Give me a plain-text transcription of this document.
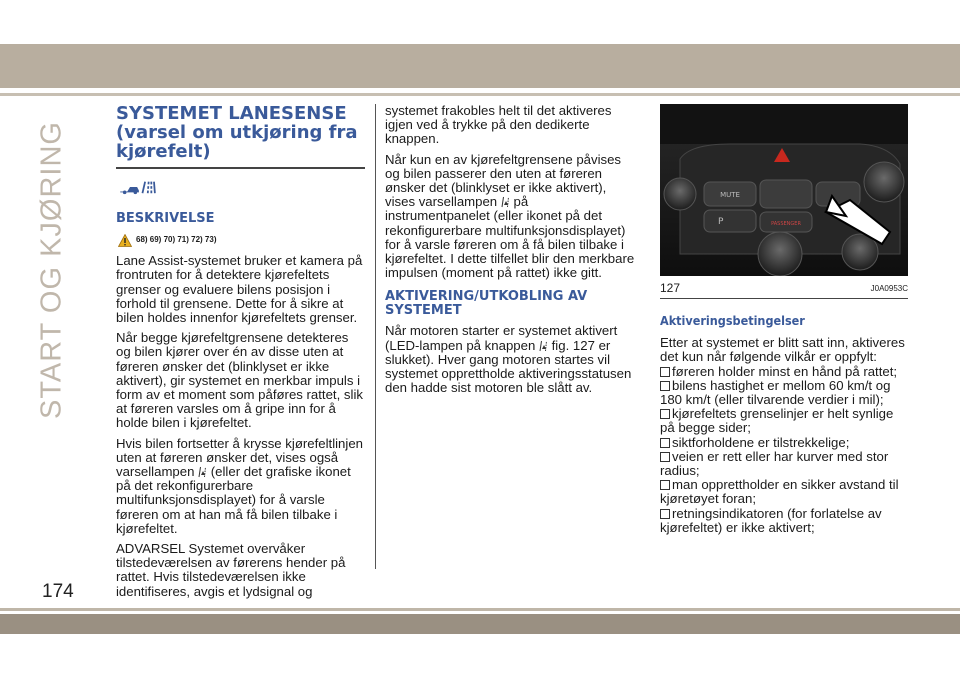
START OG KJØRING
SYSTEMET LANESENSE
(varsel om utkjøring fra
kjørefelt)
BESKRIVELSE
68) 69) 70) 71) 72) 73)

Lane Assist-systemet bruker et kamera på frontruten for å detektere kjørefeltets grenser og evaluere bilens posisjon i forhold til grensene. Dette for å sikre at bilen holdes innenfor kjørefeltets grenser.

Når begge kjørefeltgrensene detekteres og bilen kjører over én av disse uten at føreren ønsker det (blinklyset er ikke aktivert), gir systemet en merkbar impuls i form av et moment som påføres rattet, slik at føreren varsles om å gripe inn for å holde bilen i kjørefeltet.

Hvis bilen fortsetter å krysse kjørefeltlinjen uten at føreren ønsker det, vises også varsellampen (eller det grafiske ikonet på det rekonfigurerbare multifunksjonsdisplayet) for å varsle føreren om at han må få bilen tilbake i kjørefeltet.

ADVARSEL Systemet overvåker tilstedeværelsen av førerens hender på rattet. Hvis tilstedeværelsen ikke identifiseres, avgis et lydsignal og

systemet frakobles helt til det aktiveres igjen ved å trykke på den dedikerte knappen.

Når kun en av kjørefeltgrensene påvises og bilen passerer den uten at føreren ønsker det (blinklyset er ikke aktivert), vises varsellampen på instrumentpanelet (eller ikonet på det rekonfigurerbare multifunksjonsdisplayet) for å varsle føreren om å få bilen tilbake i kjørefeltet. I dette tilfellet blir den merkbare impulsen (moment på rattet) ikke gitt.

AKTIVERING/UTKOBLING AV
SYSTEMET

Når motoren starter er systemet aktivert (LED-lampen på knappen fig. 127 er slukket). Hver gang motoren startes vil systemet opprettholde aktiveringsstatusen den hadde sist motoren ble slått av.

MUTE
P	PASSENGER
127	J0A0953C
Aktiveringsbetingelser

Etter at systemet er blitt satt inn, aktiveres det kun når følgende vilkår er oppfylt:

føreren holder minst en hånd på rattet;
bilens hastighet er mellom 60 km/t og 180 km/t (eller tilvarende verdier i mil);
kjørefeltets grenselinjer er helt synlige på begge sider;
siktforholdene er tilstrekkelige;
veien er rett eller har kurver med stor radius;
man opprettholder en sikker avstand til kjøretøyet foran;
retningsindikatoren (for forlatelse av kjørefeltet) er ikke aktivert;
174
